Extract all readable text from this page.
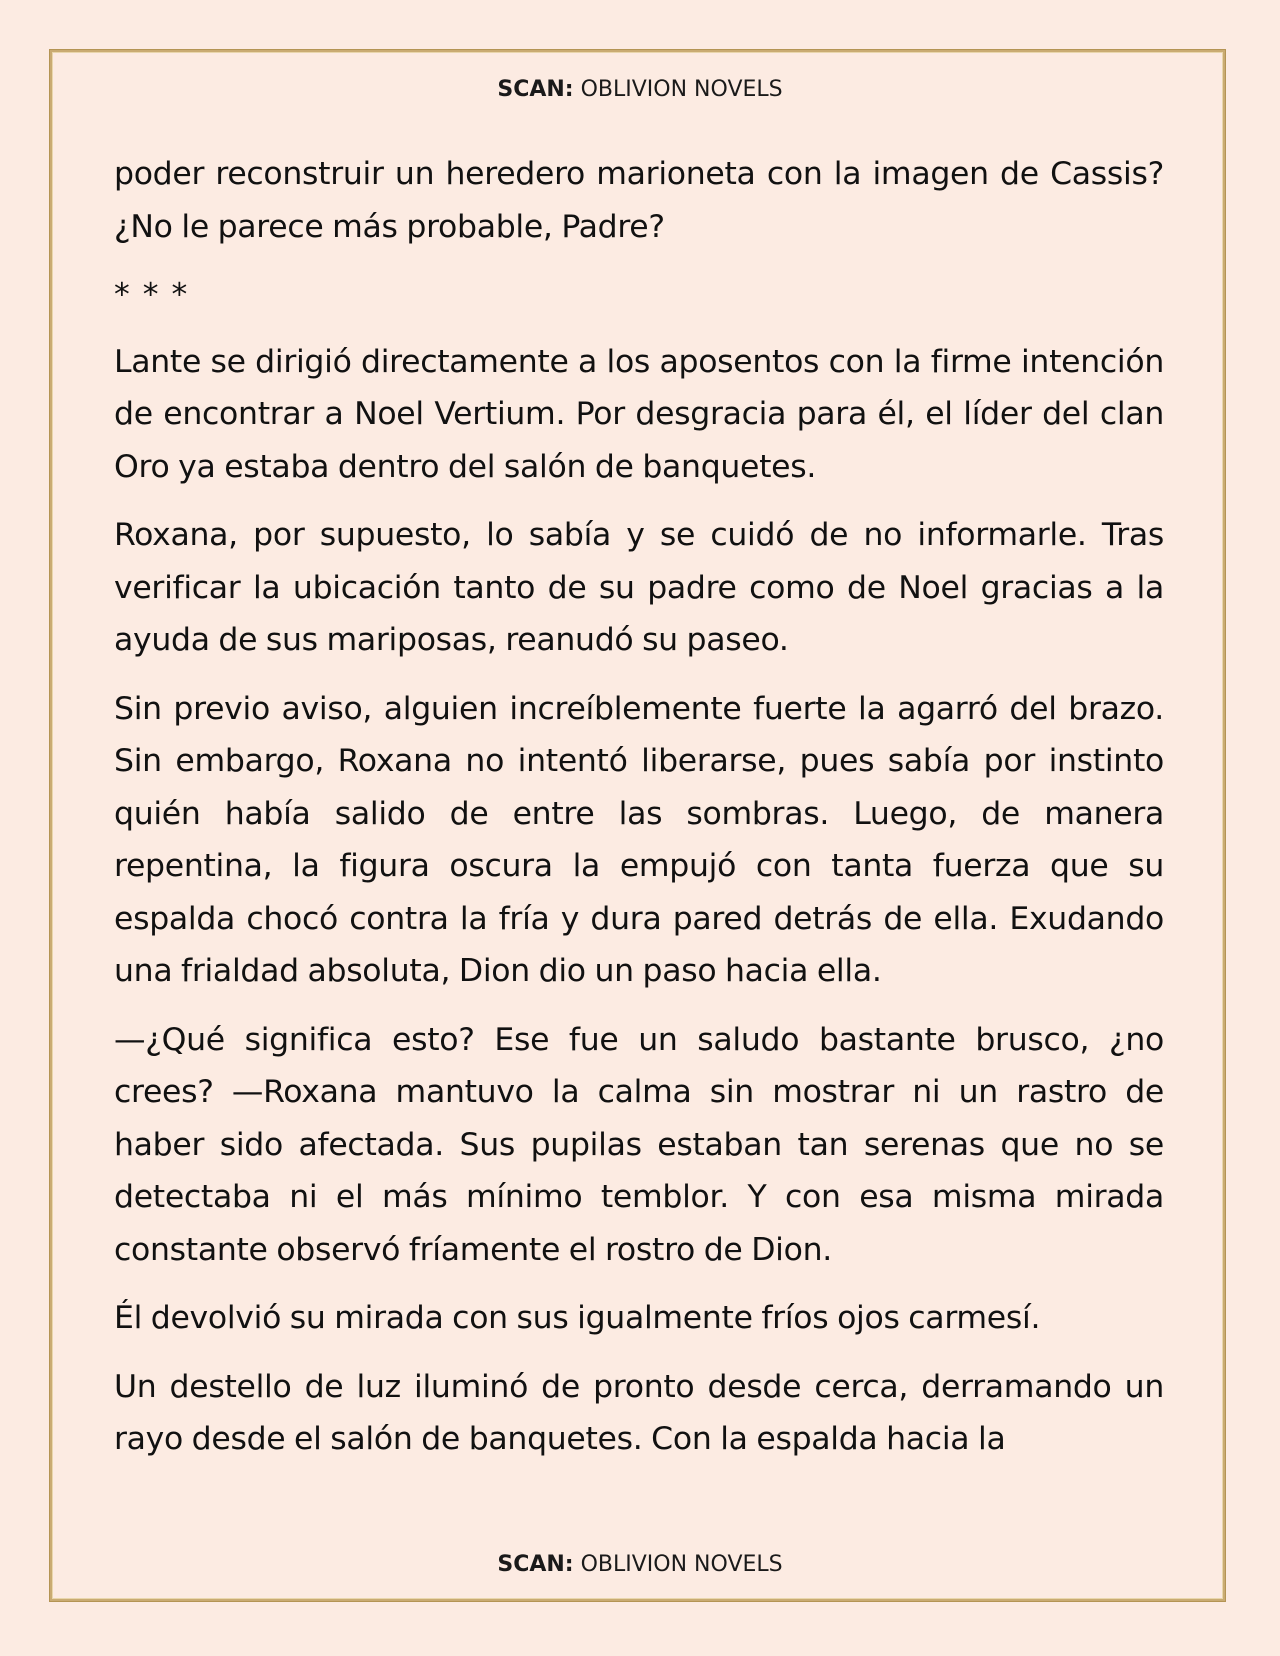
SCAN: OBLIVION NOVELS

poder reconstruir un heredero marioneta con la imagen de Cassis? ¿No le parece más probable, Padre?

* * *

Lante se dirigió directamente a los aposentos con la firme intención de encontrar a Noel Vertium. Por desgracia para él, el líder del clan Oro ya estaba dentro del salón de banquetes.

Roxana, por supuesto, lo sabía y se cuidó de no informarle. Tras verificar la ubicación tanto de su padre como de Noel gracias a la ayuda de sus mariposas, reanudó su paseo.

Sin previo aviso, alguien increíblemente fuerte la agarró del brazo. Sin embargo, Roxana no intentó liberarse, pues sabía por instinto quién había salido de entre las sombras. Luego, de manera repentina, la figura oscura la empujó con tanta fuerza que su espalda chocó contra la fría y dura pared detrás de ella. Exudando una frialdad absoluta, Dion dio un paso hacia ella.

—¿Qué significa esto? Ese fue un saludo bastante brusco, ¿no crees? —Roxana mantuvo la calma sin mostrar ni un rastro de haber sido afectada. Sus pupilas estaban tan serenas que no se detectaba ni el más mínimo temblor. Y con esa misma mirada constante observó fríamente el rostro de Dion.

Él devolvió su mirada con sus igualmente fríos ojos carmesí.

Un destello de luz iluminó de pronto desde cerca, derramando un rayo desde el salón de banquetes. Con la espalda hacia la

SCAN: OBLIVION NOVELS
